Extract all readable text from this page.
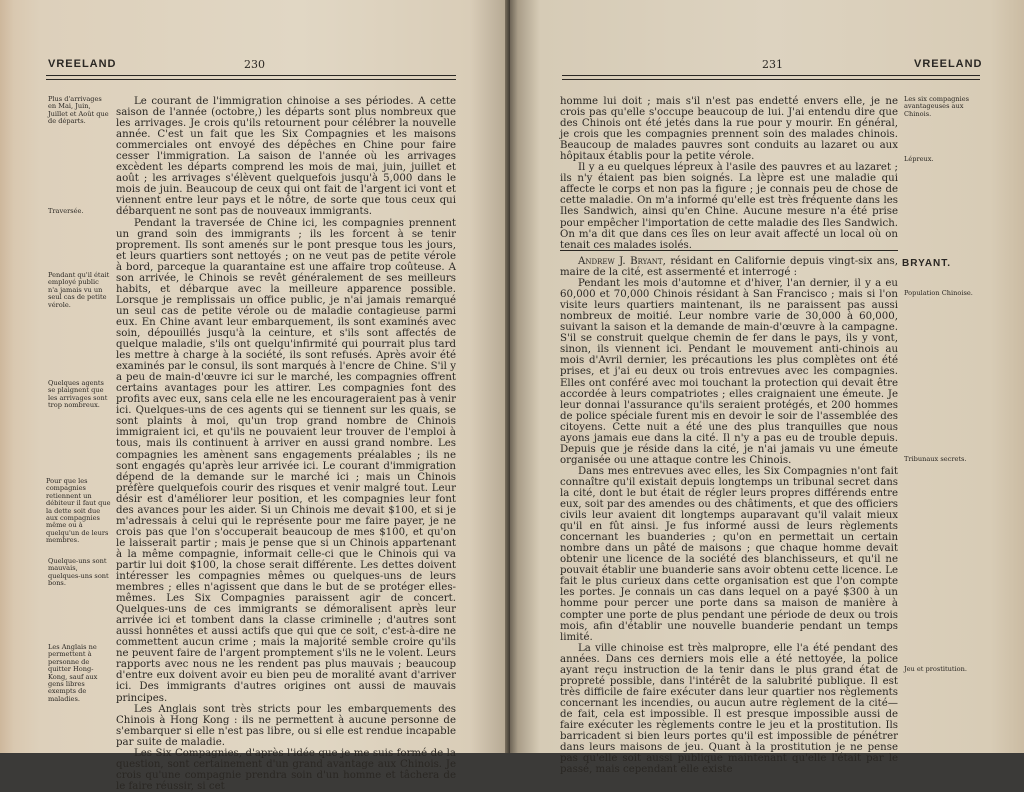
VREELAND	230
Plus d'arrivages en Mai, Juin, Juillet et Août que de départs.
Traversée.
Pendant qu'il était employé public n'a jamais vu un seul cas de petite vérole.
Quelques agents se plaignent que les arrivages sont trop nombreux.
Pour que les compagnies retiennent un débiteur il faut que la dette soit due aux compagnies même ou à quelqu'un de leurs membres.
Quelque-uns sont mauvais, quelques-uns sont bons.
Les Anglais ne permettent à personne de quitter Hong-Kong, sauf aux gens libres exempts de maladies.

Le courant de l'immigration chinoise a ses périodes. A cette saison de l'année (octobre,) les départs sont plus nombreux que les arrivages. Je crois qu'ils retournent pour célébrer la nouvelle année. C'est un fait que les Six Compagnies et les maisons commerciales ont envoyé des dépêches en Chine pour faire cesser l'immigration. La saison de l'année où les arrivages excèdent les départs comprend les mois de mai, juin, juillet et août ; les arrivages s'élèvent quelquefois jusqu'à 5,000 dans le mois de juin. Beaucoup de ceux qui ont fait de l'argent ici vont et viennent entre leur pays et le nôtre, de sorte que tous ceux qui débarquent ne sont pas de nouveaux immigrants.

Pendant la traversée de Chine ici, les compagnies prennent un grand soin des immigrants ; ils les forcent à se tenir proprement. Ils sont amenés sur le pont presque tous les jours, et leurs quartiers sont nettoyés ; on ne veut pas de petite vérole à bord, parceque la quarantaine est une affaire trop coûteuse. A son arrivée, le Chinois se revêt généralement de ses meilleurs habits, et débarque avec la meilleure apparence possible. Lorsque je remplissais un office public, je n'ai jamais remarqué un seul cas de petite vérole ou de maladie contagieuse parmi eux. En Chine avant leur embarquement, ils sont examinés avec soin, dépouillés jusqu'à la ceinture, et s'ils sont affectés de quelque maladie, s'ils ont quelqu'infirmité qui pourrait plus tard les mettre à charge à la société, ils sont refusés. Après avoir été examinés par le consul, ils sont marqués à l'encre de Chine. S'il y a peu de main-d'œuvre ici sur le marché, les compagnies offrent certains avantages pour les attirer. Les compagnies font des profits avec eux, sans cela elle ne les encourageraient pas à venir ici. Quelques-uns de ces agents qui se tiennent sur les quais, se sont plaints à moi, qu'un trop grand nombre de Chinois immigraient ici, et qu'ils ne pouvaient leur trouver de l'emploi à tous, mais ils continuent à arriver en aussi grand nombre. Les compagnies les amènent sans engagements préalables ; ils ne sont engagés qu'après leur arrivée ici. Le courant d'immigration dépend de la demande sur le marché ici ; mais un Chinois préfère quelquefois courir des risques et venir malgré tout. Leur désir est d'améliorer leur position, et les compagnies leur font des avances pour les aider. Si un Chinois me devait $100, et si je m'adressais à celui qui le représente pour me faire payer, je ne crois pas que l'on s'occuperait beaucoup de mes $100, et qu'on le laisserait partir ; mais je pense que si un Chinois appartenant à la même compagnie, informait celle-ci que le Chinois qui va partir lui doit $100, la chose serait différente. Les dettes doivent intéresser les compagnies mêmes ou quelques-uns de leurs membres ; elles n'agissent que dans le but de se protéger elles-mêmes. Les Six Compagnies paraissent agir de concert. Quelques-uns de ces immigrants se démoralisent après leur arrivée ici et tombent dans la classe criminelle ; d'autres sont aussi honnêtes et aussi actifs que qui que ce soit, c'est-à-dire ne commettent aucun crime ; mais la majorité semble croire qu'ils ne peuvent faire de l'argent promptement s'ils ne le volent. Leurs rapports avec nous ne les rendent pas plus mauvais ; beaucoup d'entre eux doivent avoir eu bien peu de moralité avant d'arriver ici. Des immigrants d'autres origines ont aussi de mauvais principes.

Les Anglais sont très stricts pour les embarquements des Chinois à Hong Kong : ils ne permettent à aucune personne de s'embarquer si elle n'est pas libre, ou si elle est rendue incapable par suite de maladie.

Les Six Compagnies, d'après l'idée que je me suis formé de la question, sont certainement d'un grand avantage aux Chinois. Je crois qu'une compagnie prendra soin d'un homme et tâchera de le faire réussir, si cet

231	VREELAND
Les six compagnies avantageuses aux Chinois.
Lépreux.
BRYANT.
Population Chinoise.
Tribunaux secrets.
Jeu et prostitution.

homme lui doit ; mais s'il n'est pas endetté envers elle, je ne crois pas qu'elle s'occupe beaucoup de lui. J'ai entendu dire que des Chinois ont été jetés dans la rue pour y mourir. En général, je crois que les compagnies prennent soin des malades chinois. Beaucoup de malades pauvres sont conduits au lazaret ou aux hôpitaux établis pour la petite vérole.

Il y a eu quelques lépreux à l'asile des pauvres et au lazaret ; ils n'y étaient pas bien soignés. La lèpre est une maladie qui affecte le corps et non pas la figure ; je connais peu de chose de cette maladie. On m'a informé qu'elle est très fréquente dans les Iles Sandwich, ainsi qu'en Chine. Aucune mesure n'a été prise pour empêcher l'importation de cette maladie des Iles Sandwich. On m'a dit que dans ces îles on leur avait affecté un local où on tenait ces malades isolés.

Andrew J. Bryant, résidant en Californie depuis vingt-six ans, maire de la cité, est assermenté et interrogé :

Pendant les mois d'automne et d'hiver, l'an dernier, il y a eu 60,000 et 70,000 Chinois résidant à San Francisco ; mais si l'on visite leurs quartiers maintenant, ils ne paraissent pas aussi nombreux de moitié. Leur nombre varie de 30,000 à 60,000, suivant la saison et la demande de main-d'œuvre à la campagne. S'il se construit quelque chemin de fer dans le pays, ils y vont, sinon, ils viennent ici. Pendant le mouvement anti-chinois au mois d'Avril dernier, les précautions les plus complètes ont été prises, et j'ai eu deux ou trois entrevues avec les compagnies. Elles ont conféré avec moi touchant la protection qui devait être accordée à leurs compatriotes ; elles craignaient une émeute. Je leur donnai l'assurance qu'ils seraient protégés, et 200 hommes de police spéciale furent mis en devoir le soir de l'assemblée des citoyens. Cette nuit a été une des plus tranquilles que nous ayons jamais eue dans la cité. Il n'y a pas eu de trouble depuis. Depuis que je réside dans la cité, je n'ai jamais vu une émeute organisée ou une attaque contre les Chinois.

Dans mes entrevues avec elles, les Six Compagnies n'ont fait connaître qu'il existait depuis longtemps un tribunal secret dans la cité, dont le but était de régler leurs propres différends entre eux, soit par des amendes ou des châtiments, et que des officiers civils leur avaient dit longtemps auparavant qu'il valait mieux qu'il en fût ainsi. Je fus informé aussi de leurs règlements concernant les buanderies ; qu'on en permettait un certain nombre dans un pâté de maisons ; que chaque homme devait obtenir une licence de la société des blanchisseurs, et qu'il ne pouvait établir une buanderie sans avoir obtenu cette licence. Le fait le plus curieux dans cette organisation est que l'on compte les portes. Je connais un cas dans lequel on a payé $300 à un homme pour percer une porte dans sa maison de manière à compter une porte de plus pendant une période de deux ou trois mois, afin d'établir une nouvelle buanderie pendant un temps limité.

La ville chinoise est très malpropre, elle l'a été pendant des années. Dans ces derniers mois elle a été nettoyée, la police ayant reçu instruction de la tenir dans le plus grand état de propreté possible, dans l'intérêt de la salubrité publique. Il est très difficile de faire exécuter dans leur quartier nos règlements concernant les incendies, ou aucun autre règlement de la cité—de fait, cela est impossible. Il est presque impossible aussi de faire exécuter les règlements contre le jeu et la prostitution. Ils barricadent si bien leurs portes qu'il est impossible de pénétrer dans leurs maisons de jeu. Quant à la prostitution je ne pense pas qu'elle soit aussi publique maintenant qu'elle l'était par le passé, mais cependant elle existe
